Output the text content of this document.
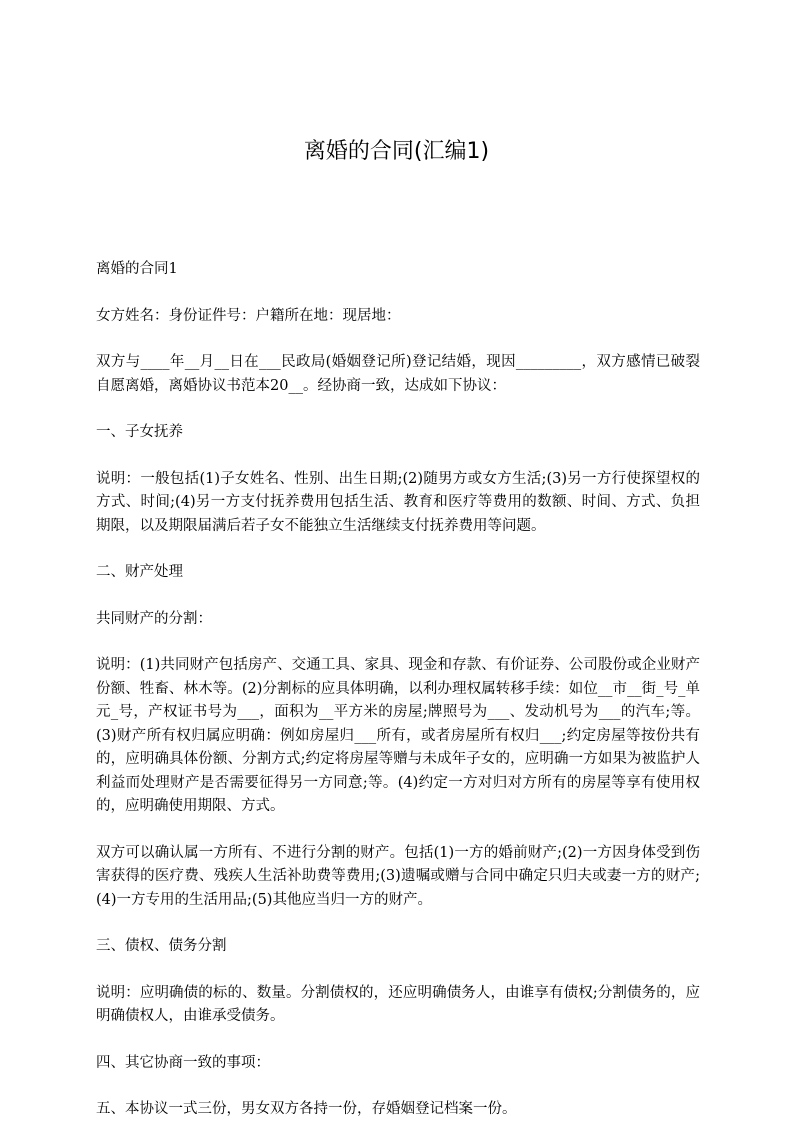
离婚的合同(汇编1)

离婚的合同1

女方姓名：身份证件号：户籍所在地：现居地：

双方与____年__月__日在___民政局(婚姻登记所)登记结婚，现因_________，双方感情已破裂自愿离婚，离婚协议书范本20__。经协商一致，达成如下协议：

一、子女抚养

说明：一般包括(1)子女姓名、性别、出生日期;(2)随男方或女方生活;(3)另一方行使探望权的方式、时间;(4)另一方支付抚养费用包括生活、教育和医疗等费用的数额、时间、方式、负担期限，以及期限届满后若子女不能独立生活继续支付抚养费用等问题。

二、财产处理

共同财产的分割：

说明：(1)共同财产包括房产、交通工具、家具、现金和存款、有价证券、公司股份或企业财产份额、牲畜、林木等。(2)分割标的应具体明确，以利办理权属转移手续：如位__市__街_号_单元_号，产权证书号为___，面积为__平方米的房屋;牌照号为___、发动机号为___的汽车;等。(3)财产所有权归属应明确：例如房屋归___所有，或者房屋所有权归___;约定房屋等按份共有的，应明确具体份额、分割方式;约定将房屋等赠与未成年子女的，应明确一方如果为被监护人利益而处理财产是否需要征得另一方同意;等。(4)约定一方对归对方所有的房屋等享有使用权的，应明确使用期限、方式。

双方可以确认属一方所有、不进行分割的财产。包括(1)一方的婚前财产;(2)一方因身体受到伤害获得的医疗费、残疾人生活补助费等费用;(3)遗嘱或赠与合同中确定只归夫或妻一方的财产;(4)一方专用的生活用品;(5)其他应当归一方的财产。

三、债权、债务分割

说明：应明确债的标的、数量。分割债权的，还应明确债务人，由谁享有债权;分割债务的，应明确债权人，由谁承受债务。

四、其它协商一致的事项：

五、本协议一式三份，男女双方各持一份，存婚姻登记档案一份。
